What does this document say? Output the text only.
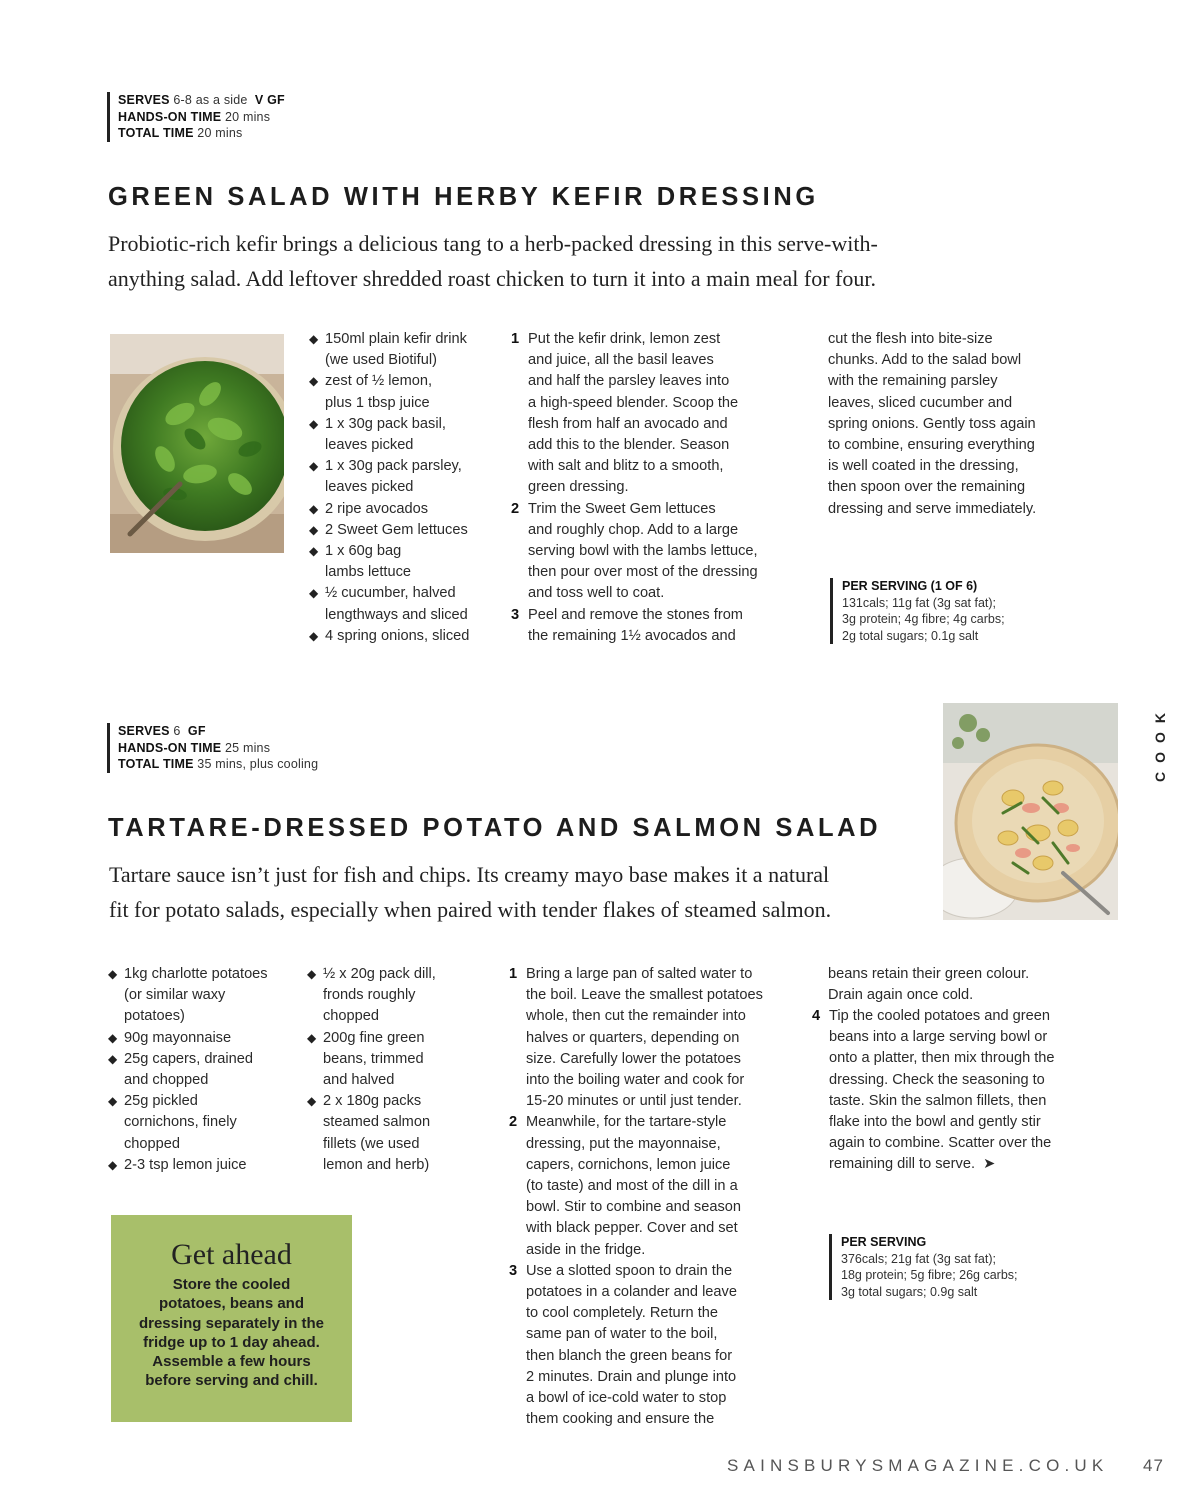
SERVES 6-8 as a side V GF
HANDS-ON TIME 20 mins
TOTAL TIME 20 mins
GREEN SALAD WITH HERBY KEFIR DRESSING

Probiotic-rich kefir brings a delicious tang to a herb-packed dressing in this serve-with-

anything salad. Add leftover shredded roast chicken to turn it into a main meal for four.

◆ 150ml plain kefir drink
(we used Biotiful)
◆ zest of ½ lemon,
plus 1 tbsp juice
◆ 1 x 30g pack basil,
leaves picked
◆ 1 x 30g pack parsley,
leaves picked
◆ 2 ripe avocados
◆ 2 Sweet Gem lettuces
◆ 1 x 60g bag
lambs lettuce
◆ ½ cucumber, halved
lengthways and sliced
◆ 4 spring onions, sliced
1 Put the kefir drink, lemon zest
and juice, all the basil leaves
and half the parsley leaves into
a high-speed blender. Scoop the
flesh from half an avocado and
add this to the blender. Season
with salt and blitz to a smooth,
green dressing.
2 Trim the Sweet Gem lettuces
and roughly chop. Add to a large
serving bowl with the lambs lettuce,
then pour over most of the dressing
and toss well to coat.
3 Peel and remove the stones from
the remaining 1½ avocados and

cut the flesh into bite-size
chunks. Add to the salad bowl
with the remaining parsley
leaves, sliced cucumber and
spring onions. Gently toss again
to combine, ensuring everything
is well coated in the dressing,
then spoon over the remaining
dressing and serve immediately.

PER SERVING (1 OF 6)
131cals; 11g fat (3g sat fat);
3g protein; 4g fibre; 4g carbs;
2g total sugars; 0.1g salt
SERVES 6 GF
HANDS-ON TIME 25 mins
TOTAL TIME 35 mins, plus cooling	COOK
TARTARE-DRESSED POTATO AND SALMON SALAD

Tartare sauce isn’t just for fish and chips. Its creamy mayo base makes it a natural

fit for potato salads, especially when paired with tender flakes of steamed salmon.

◆ 1kg charlotte potatoes
(or similar waxy
potatoes)
◆ 90g mayonnaise
◆ 25g capers, drained
and chopped
◆ 25g pickled
cornichons, finely
chopped
◆ 2-3 tsp lemon juice
◆ ½ x 20g pack dill,
fronds roughly
chopped
◆ 200g fine green
beans, trimmed
and halved
◆ 2 x 180g packs
steamed salmon
fillets (we used
lemon and herb)
1 Bring a large pan of salted water to
the boil. Leave the smallest potatoes
whole, then cut the remainder into
halves or quarters, depending on
size. Carefully lower the potatoes
into the boiling water and cook for
15-20 minutes or until just tender.
2 Meanwhile, for the tartare-style
dressing, put the mayonnaise,
capers, cornichons, lemon juice
(to taste) and most of the dill in a
bowl. Stir to combine and season
with black pepper. Cover and set
aside in the fridge.
3 Use a slotted spoon to drain the
potatoes in a colander and leave
to cool completely. Return the
same pan of water to the boil,
then blanch the green beans for
2 minutes. Drain and plunge into
a bowl of ice-cold water to stop
them cooking and ensure the

beans retain their green colour.
Drain again once cold.

4 Tip the cooled potatoes and green
beans into a large serving bowl or
onto a platter, then mix through the
dressing. Check the seasoning to
taste. Skin the salmon fillets, then
flake into the bowl and gently stir
again to combine. Scatter over the
remaining dill to serve. ➤
PER SERVING
376cals; 21g fat (3g sat fat);
18g protein; 5g fibre; 26g carbs;
3g total sugars; 0.9g salt
Get ahead
Store the cooled
potatoes, beans and
dressing separately in the
fridge up to 1 day ahead.
Assemble a few hours
before serving and chill.
SAINSBURYSMAGAZINE.CO.UK 47
